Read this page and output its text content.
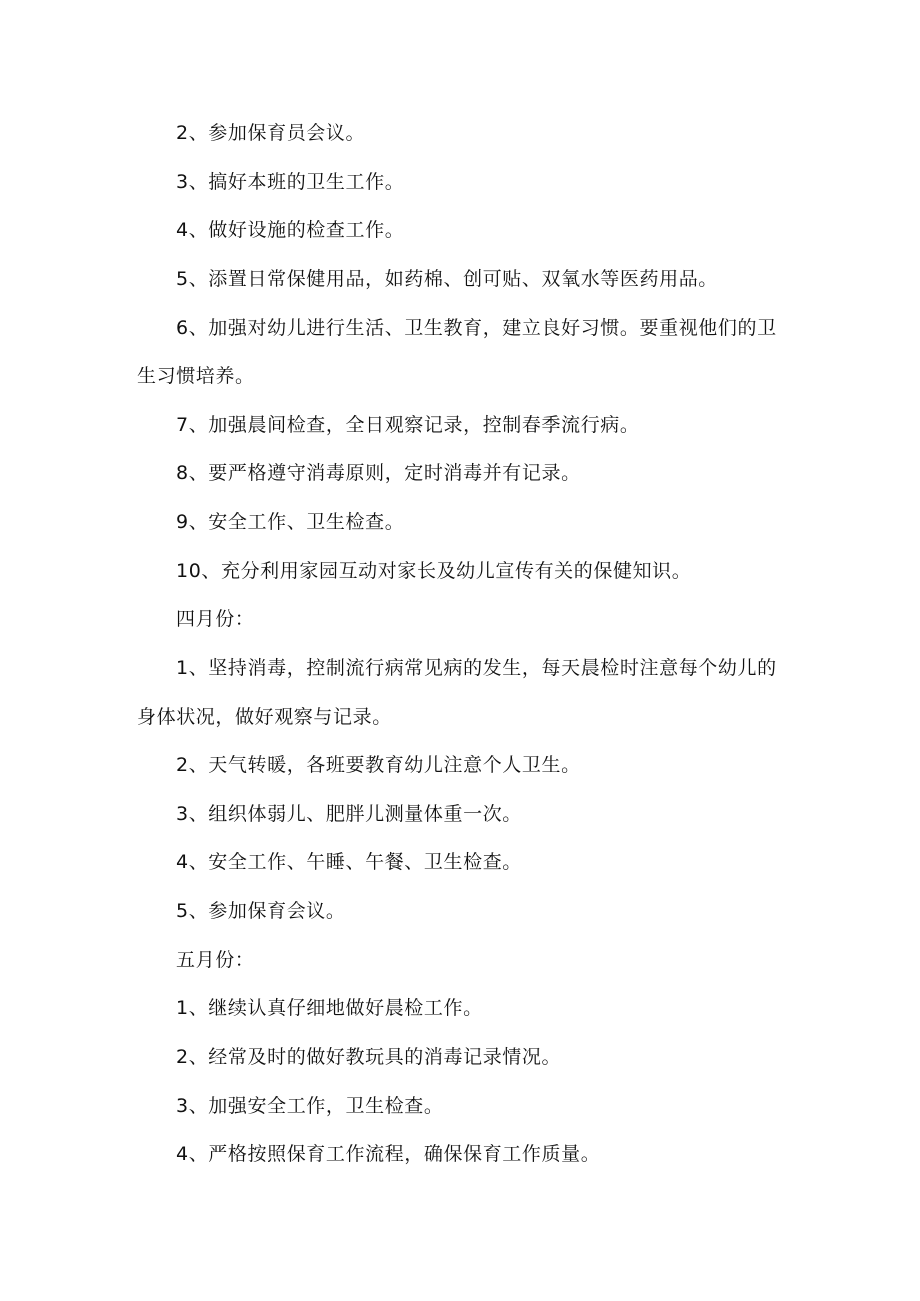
2、参加保育员会议。
3、搞好本班的卫生工作。
4、做好设施的检查工作。
5、添置日常保健用品，如药棉、创可贴、双氧水等医药用品。
6、加强对幼儿进行生活、卫生教育，建立良好习惯。要重视他们的卫
生习惯培养。
7、加强晨间检查，全日观察记录，控制春季流行病。
8、要严格遵守消毒原则，定时消毒并有记录。
9、安全工作、卫生检查。
10、充分利用家园互动对家长及幼儿宣传有关的保健知识。
四月份：
1、坚持消毒，控制流行病常见病的发生，每天晨检时注意每个幼儿的
身体状况，做好观察与记录。
2、天气转暖，各班要教育幼儿注意个人卫生。
3、组织体弱儿、肥胖儿测量体重一次。
4、安全工作、午睡、午餐、卫生检查。
5、参加保育会议。
五月份：
1、继续认真仔细地做好晨检工作。
2、经常及时的做好教玩具的消毒记录情况。
3、加强安全工作，卫生检查。
4、严格按照保育工作流程，确保保育工作质量。
